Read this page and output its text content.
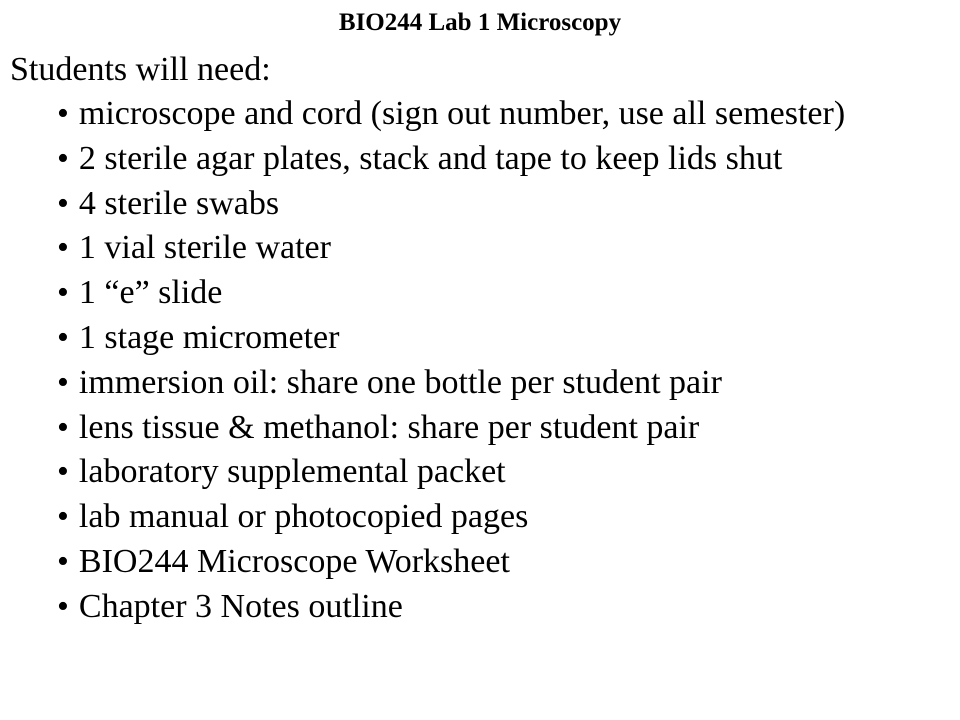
BIO244 Lab 1 Microscopy
Students will need:
• microscope and cord (sign out number, use all semester)
• 2 sterile agar plates, stack and tape to keep lids shut
• 4 sterile swabs
• 1 vial sterile water
• 1 “e” slide
• 1 stage micrometer
• immersion oil: share one bottle per student pair
• lens tissue & methanol: share per student pair
• laboratory supplemental packet
• lab manual or photocopied pages
• BIO244 Microscope Worksheet
• Chapter 3 Notes outline
